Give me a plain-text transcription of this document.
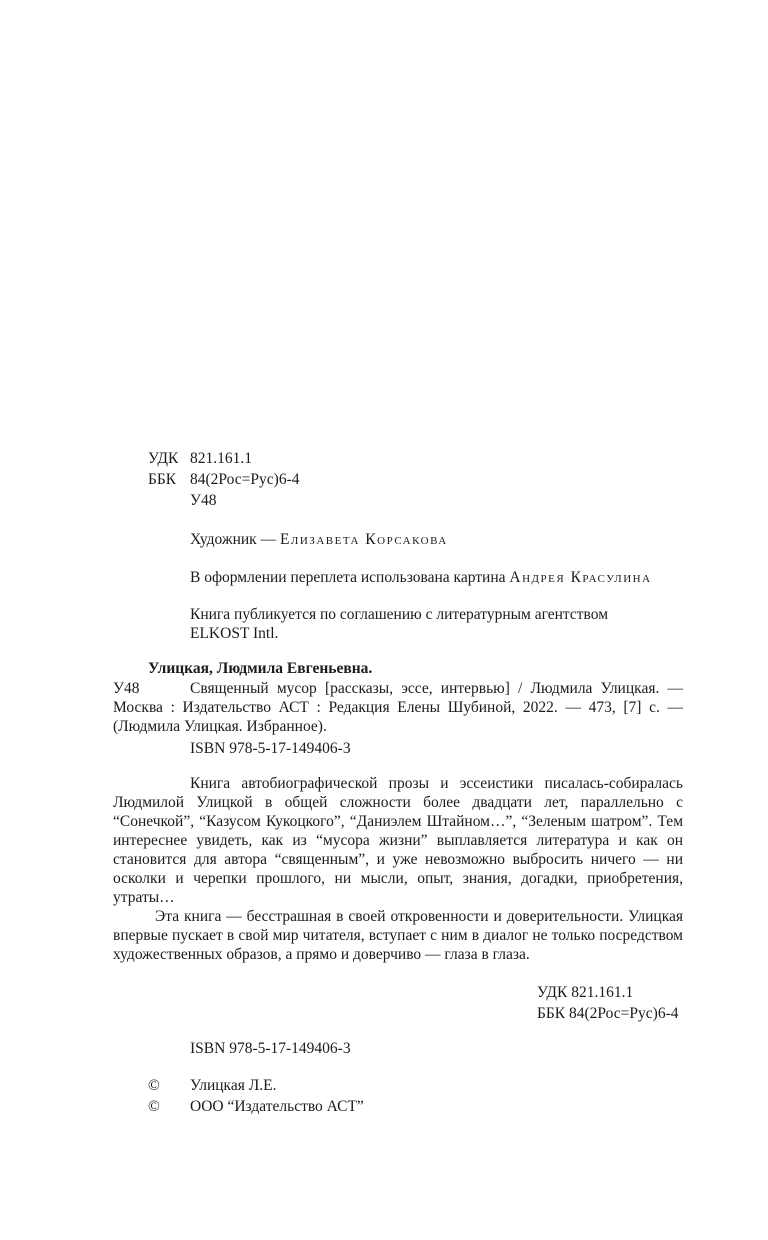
УДК 821.161.1
ББК 84(2Рос=Рус)6-4
У48
Художник — Елизавета Корсакова
В оформлении переплета использована картина Андрея Красулина
Книга публикуется по соглашению с литературным агентством
ELKOST Intl.
Улицкая, Людмила Евгеньевна.
У48	Священный мусор [рассказы, эссе, интервью] / Людмила Улицкая. — Москва : Издательство АСТ : Редакция Елены Шубиной, 2022. — 473, [7] с. — (Людмила Улицкая. Избранное).

ISBN 978-5-17-149406-3

Книга автобиографической прозы и эссеистики писалась-собиралась Людмилой Улицкой в общей сложности более двадцати лет, параллельно с “Сонечкой”, “Казусом Кукоцкого”, “Даниэлем Штайном…”, “Зеленым шатром”. Тем интереснее увидеть, как из “мусора жизни” выплавляется литература и как он становится для автора “священным”, и уже невозможно выбросить ничего — ни осколки и черепки прошлого, ни мысли, опыт, знания, догадки, приобретения, утраты…

Эта книга — бесстрашная в своей откровенности и доверительности. Улицкая впервые пускает в свой мир читателя, вступает с ним в диалог не только посредством художественных образов, а прямо и доверчиво — глаза в глаза.

УДК 821.161.1
ББК 84(2Рос=Рус)6-4
ISBN 978-5-17-149406-3
©	Улицкая Л.Е.
©	ООО “Издательство АСТ”
